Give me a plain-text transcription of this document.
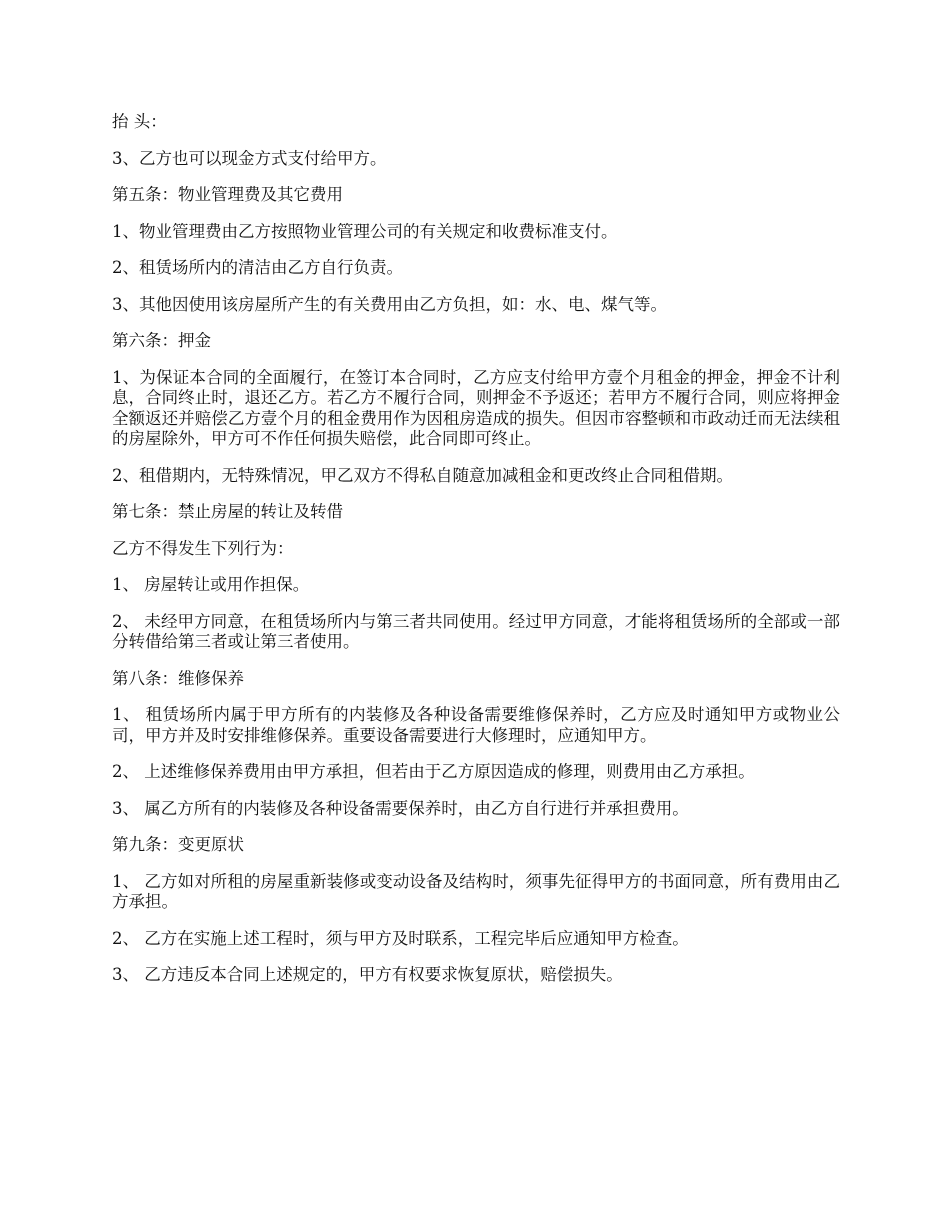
抬 头：

3、乙方也可以现金方式支付给甲方。

第五条：物业管理费及其它费用

1、物业管理费由乙方按照物业管理公司的有关规定和收费标准支付。

2、租赁场所内的清洁由乙方自行负责。

3、其他因使用该房屋所产生的有关费用由乙方负担，如：水、电、煤气等。

第六条：押金

1、为保证本合同的全面履行，在签订本合同时，乙方应支付给甲方壹个月租金的押金，押金不计利息，合同终止时，退还乙方。若乙方不履行合同，则押金不予返还；若甲方不履行合同，则应将押金全额返还并赔偿乙方壹个月的租金费用作为因租房造成的损失。但因市容整顿和市政动迁而无法续租的房屋除外，甲方可不作任何损失赔偿，此合同即可终止。

2、租借期内，无特殊情况，甲乙双方不得私自随意加减租金和更改终止合同租借期。

第七条：禁止房屋的转让及转借

乙方不得发生下列行为：

1、 房屋转让或用作担保。

2、 未经甲方同意，在租赁场所内与第三者共同使用。经过甲方同意，才能将租赁场所的全部或一部分转借给第三者或让第三者使用。

第八条：维修保养

1、 租赁场所内属于甲方所有的内装修及各种设备需要维修保养时，乙方应及时通知甲方或物业公司，甲方并及时安排维修保养。重要设备需要进行大修理时，应通知甲方。

2、 上述维修保养费用由甲方承担，但若由于乙方原因造成的修理，则费用由乙方承担。

3、 属乙方所有的内装修及各种设备需要保养时，由乙方自行进行并承担费用。

第九条：变更原状

1、 乙方如对所租的房屋重新装修或变动设备及结构时，须事先征得甲方的书面同意，所有费用由乙方承担。

2、 乙方在实施上述工程时，须与甲方及时联系，工程完毕后应通知甲方检查。

3、 乙方违反本合同上述规定的，甲方有权要求恢复原状，赔偿损失。
